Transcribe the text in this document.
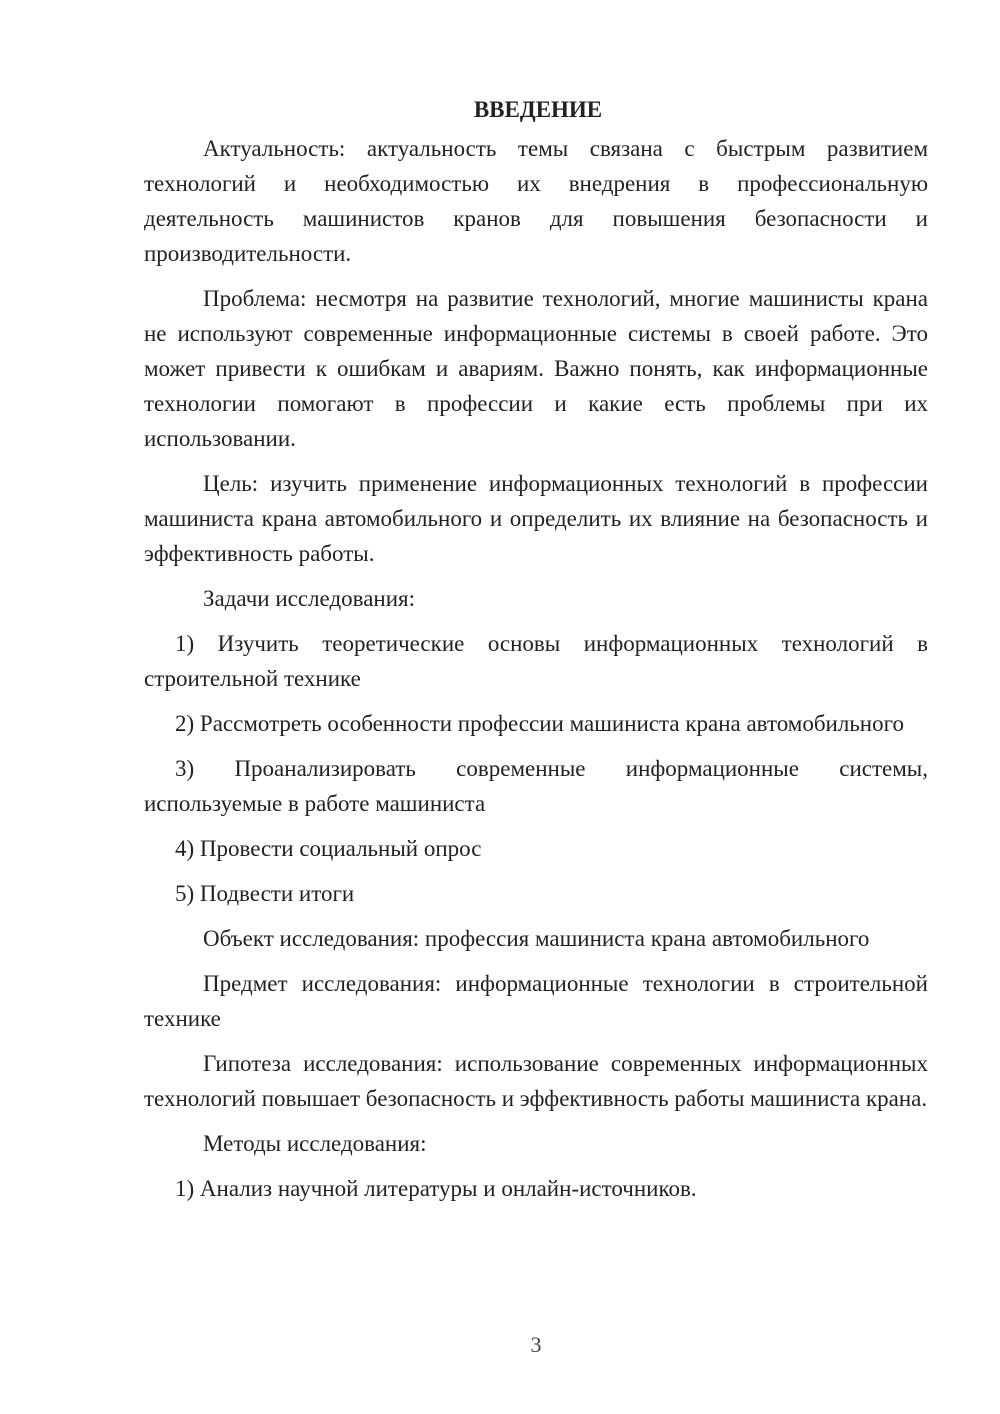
ВВЕДЕНИЕ

Актуальность: актуальность темы связана с быстрым развитием технологий и необходимостью их внедрения в профессиональную деятельность машинистов кранов для повышения безопасности и производительности.

Проблема: несмотря на развитие технологий, многие машинисты крана не используют современные информационные системы в своей работе. Это может привести к ошибкам и авариям. Важно понять, как информационные технологии помогают в профессии и какие есть проблемы при их использовании.

Цель: изучить применение информационных технологий в профессии машиниста крана автомобильного и определить их влияние на безопасность и эффективность работы.

Задачи исследования:

1) Изучить теоретические основы информационных технологий в строительной технике

2) Рассмотреть особенности профессии машиниста крана автомобильного

3) Проанализировать современные информационные системы, используемые в работе машиниста

4) Провести социальный опрос

5) Подвести итоги

Объект исследования: профессия машиниста крана автомобильного

Предмет исследования: информационные технологии в строительной технике

Гипотеза исследования: использование современных информационных технологий повышает безопасность и эффективность работы машиниста крана.

Методы исследования:

1) Анализ научной литературы и онлайн-источников.

3
